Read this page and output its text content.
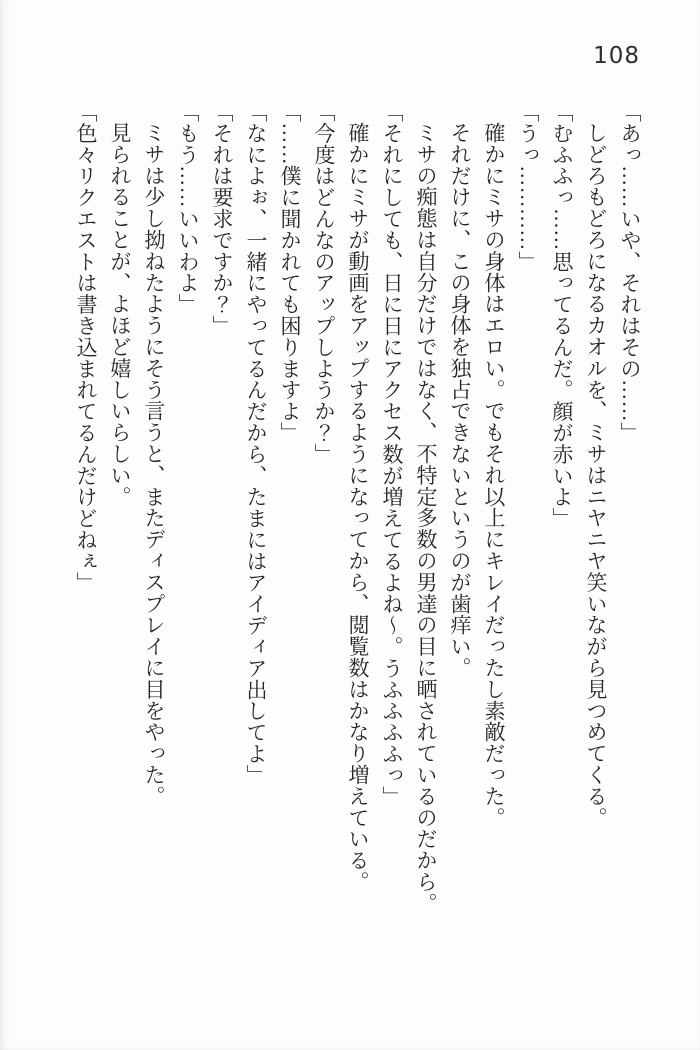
108

「あっ……いや、それはその……」

しどろもどろになるカオルを、ミサはニヤニヤ笑いながら見つめてくる。

「むふふっ……思ってるんだ。顔が赤いよ」

「うっ…………」

確かにミサの身体はエロい。でもそれ以上にキレイだったし素敵だった。

それだけに、この身体を独占できないというのが歯痒い。

ミサの痴態は自分だけではなく、不特定多数の男達の目に晒されているのだから。

「それにしても、日に日にアクセス数が増えてるよね〜。うふふふふっ」

確かにミサが動画をアップするようになってから、閲覧数はかなり増えている。

「今度はどんなのアップしようか？」

「……僕に聞かれても困りますよ」

「なによぉ、一緒にやってるんだから、たまにはアイディア出してよ」

「それは要求ですか？」

「もう……いいわよ」

ミサは少し拗ねたようにそう言うと、またディスプレイに目をやった。

見られることが、よほど嬉しいらしい。

「色々リクエストは書き込まれてるんだけどねぇ」
